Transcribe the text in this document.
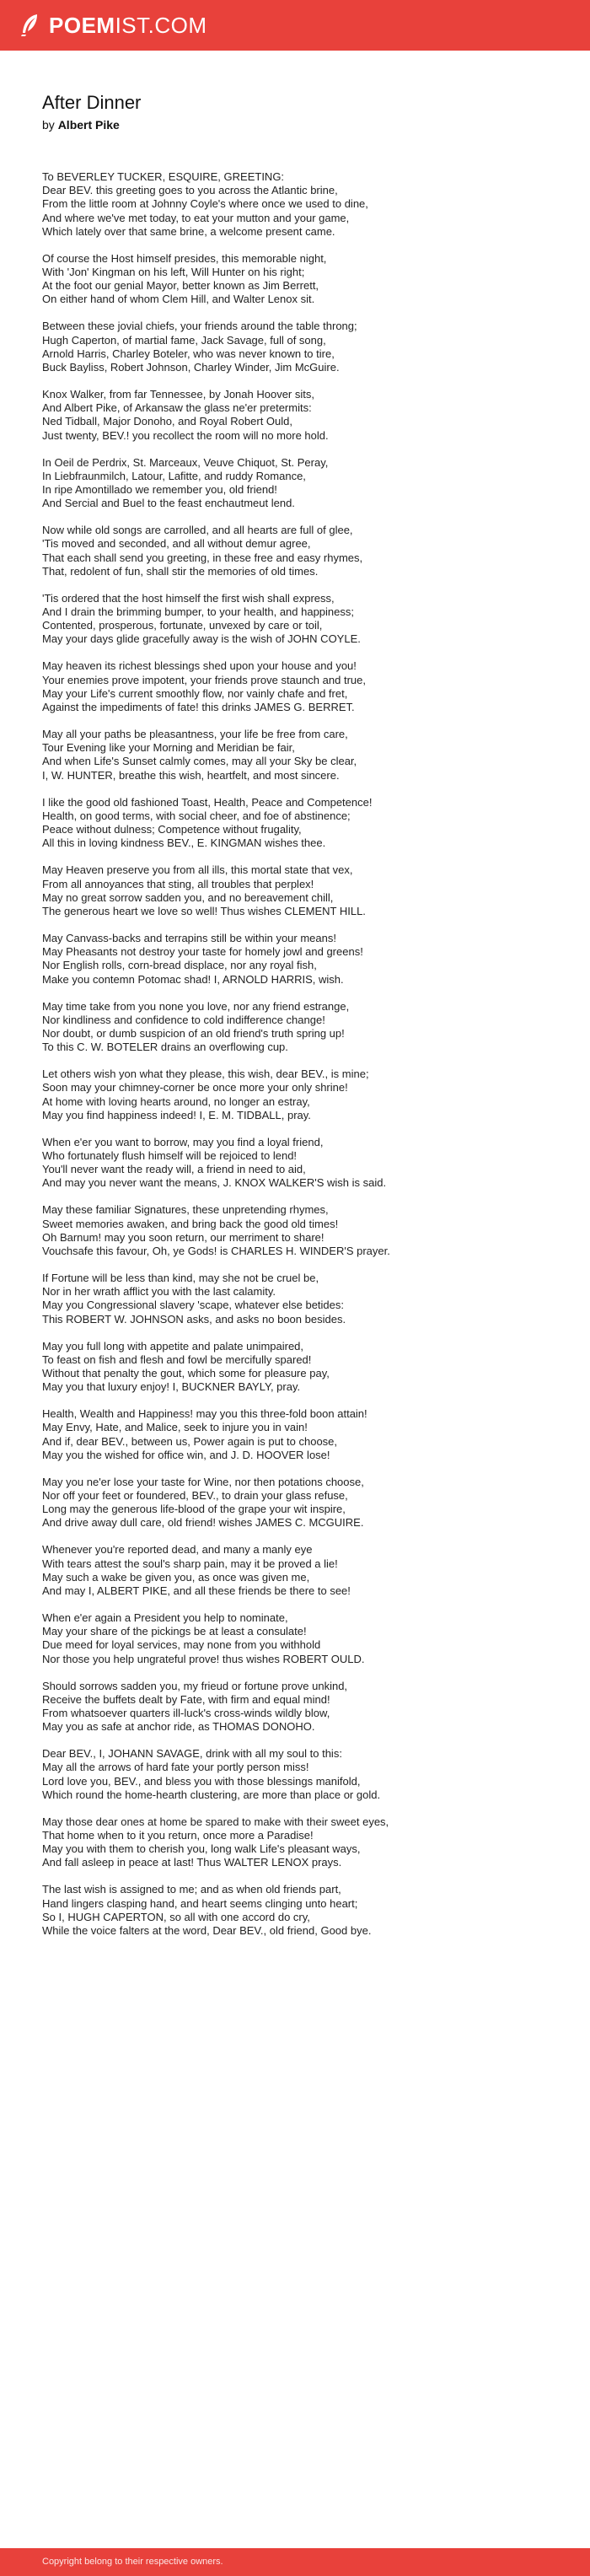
POEMIST.COM
After Dinner
by Albert Pike
To BEVERLEY TUCKER, ESQUIRE, GREETING:
Dear BEV. this greeting goes to you across the Atlantic brine,
From the little room at Johnny Coyle's where once we used to dine,
And where we've met today, to eat your mutton and your game,
Which lately over that same brine, a welcome present came.
Of course the Host himself presides, this memorable night,
With 'Jon' Kingman on his left, Will Hunter on his right;
At the foot our genial Mayor, better known as Jim Berrett,
On either hand of whom Clem Hill, and Walter Lenox sit.
Between these jovial chiefs, your friends around the table throng;
Hugh Caperton, of martial fame, Jack Savage, full of song,
Arnold Harris, Charley Boteler, who was never known to tire,
Buck Bayliss, Robert Johnson, Charley Winder, Jim McGuire.
Knox Walker, from far Tennessee, by Jonah Hoover sits,
And Albert Pike, of Arkansaw the glass ne'er pretermits:
Ned Tidball, Major Donoho, and Royal Robert Ould,
Just twenty, BEV.! you recollect the room will no more hold.
In Oeil de Perdrix, St. Marceaux, Veuve Chiquot, St. Peray,
In Liebfraunmilch, Latour, Lafitte, and ruddy Romance,
In ripe Amontillado we remember you, old friend!
And Sercial and Buel to the feast enchautmeut lend.
Now while old songs are carrolled, and all hearts are full of glee,
'Tis moved and seconded, and all without demur agree,
That each shall send you greeting, in these free and easy rhymes,
That, redolent of fun, shall stir the memories of old times.
'Tis ordered that the host himself the first wish shall express,
And I drain the brimming bumper, to your health, and happiness;
Contented, prosperous, fortunate, unvexed by care or toil,
May your days glide gracefully away is the wish of JOHN COYLE.
May heaven its richest blessings shed upon your house and you!
Your enemies prove impotent, your friends prove staunch and true,
May your Life's current smoothly flow, nor vainly chafe and fret,
Against the impediments of fate! this drinks JAMES G. BERRET.
May all your paths be pleasantness, your life be free from care,
Tour Evening like your Morning and Meridian be fair,
And when Life's Sunset calmly comes, may all your Sky be clear,
I, W. HUNTER, breathe this wish, heartfelt, and most sincere.
I like the good old fashioned Toast, Health, Peace and Competence!
Health, on good terms, with social cheer, and foe of abstinence;
Peace without dulness; Competence without frugality,
All this in loving kindness BEV., E. KINGMAN wishes thee.
May Heaven preserve you from all ills, this mortal state that vex,
From all annoyances that sting, all troubles that perplex!
May no great sorrow sadden you, and no bereavement chill,
The generous heart we love so well! Thus wishes CLEMENT HILL.
May Canvass-backs and terrapins still be within your means!
May Pheasants not destroy your taste for homely jowl and greens!
Nor English rolls, corn-bread displace, nor any royal fish,
Make you contemn Potomac shad! I, ARNOLD HARRIS, wish.
May time take from you none you love, nor any friend estrange,
Nor kindliness and confidence to cold indifference change!
Nor doubt, or dumb suspicion of an old friend's truth spring up!
To this C. W. BOTELER drains an overflowing cup.
Let others wish yon what they please, this wish, dear BEV., is mine;
Soon may your chimney-corner be once more your only shrine!
At home with loving hearts around, no longer an estray,
May you find happiness indeed! I, E. M. TIDBALL, pray.
When e'er you want to borrow, may you find a loyal friend,
Who fortunately flush himself will be rejoiced to lend!
You'll never want the ready will, a friend in need to aid,
And may you never want the means, J. KNOX WALKER'S wish is said.
May these familiar Signatures, these unpretending rhymes,
Sweet memories awaken, and bring back the good old times!
Oh Barnum! may you soon return, our merriment to share!
Vouchsafe this favour, Oh, ye Gods! is CHARLES H. WINDER'S prayer.
If Fortune will be less than kind, may she not be cruel be,
Nor in her wrath afflict you with the last calamity.
May you Congressional slavery 'scape, whatever else betides:
This ROBERT W. JOHNSON asks, and asks no boon besides.
May you full long with appetite and palate unimpaired,
To feast on fish and flesh and fowl be mercifully spared!
Without that penalty the gout, which some for pleasure pay,
May you that luxury enjoy! I, BUCKNER BAYLY, pray.
Health, Wealth and Happiness! may you this three-fold boon attain!
May Envy, Hate, and Malice, seek to injure you in vain!
And if, dear BEV., between us, Power again is put to choose,
May you the wished for office win, and J. D. HOOVER lose!
May you ne'er lose your taste for Wine, nor then potations choose,
Nor off your feet or foundered, BEV., to drain your glass refuse,
Long may the generous life-blood of the grape your wit inspire,
And drive away dull care, old friend! wishes JAMES C. MCGUIRE.
Whenever you're reported dead, and many a manly eye
With tears attest the soul's sharp pain, may it be proved a lie!
May such a wake be given you, as once was given me,
And may I, ALBERT PIKE, and all these friends be there to see!
When e'er again a President you help to nominate,
May your share of the pickings be at least a consulate!
Due meed for loyal services, may none from you withhold
Nor those you help ungrateful prove! thus wishes ROBERT OULD.
Should sorrows sadden you, my frieud or fortune prove unkind,
Receive the buffets dealt by Fate, with firm and equal mind!
From whatsoever quarters ill-luck's cross-winds wildly blow,
May you as safe at anchor ride, as THOMAS DONOHO.
Dear BEV., I, JOHANN SAVAGE, drink with all my soul to this:
May all the arrows of hard fate your portly person miss!
Lord love you, BEV., and bless you with those blessings manifold,
Which round the home-hearth clustering, are more than place or gold.
May those dear ones at home be spared to make with their sweet eyes,
That home when to it you return, once more a Paradise!
May you with them to cherish you, long walk Life's pleasant ways,
And fall asleep in peace at last! Thus WALTER LENOX prays.
The last wish is assigned to me; and as when old friends part,
Hand lingers clasping hand, and heart seems clinging unto heart;
So I, HUGH CAPERTON, so all with one accord do cry,
While the voice falters at the word, Dear BEV., old friend, Good bye.
Copyright belong to their respective owners.
